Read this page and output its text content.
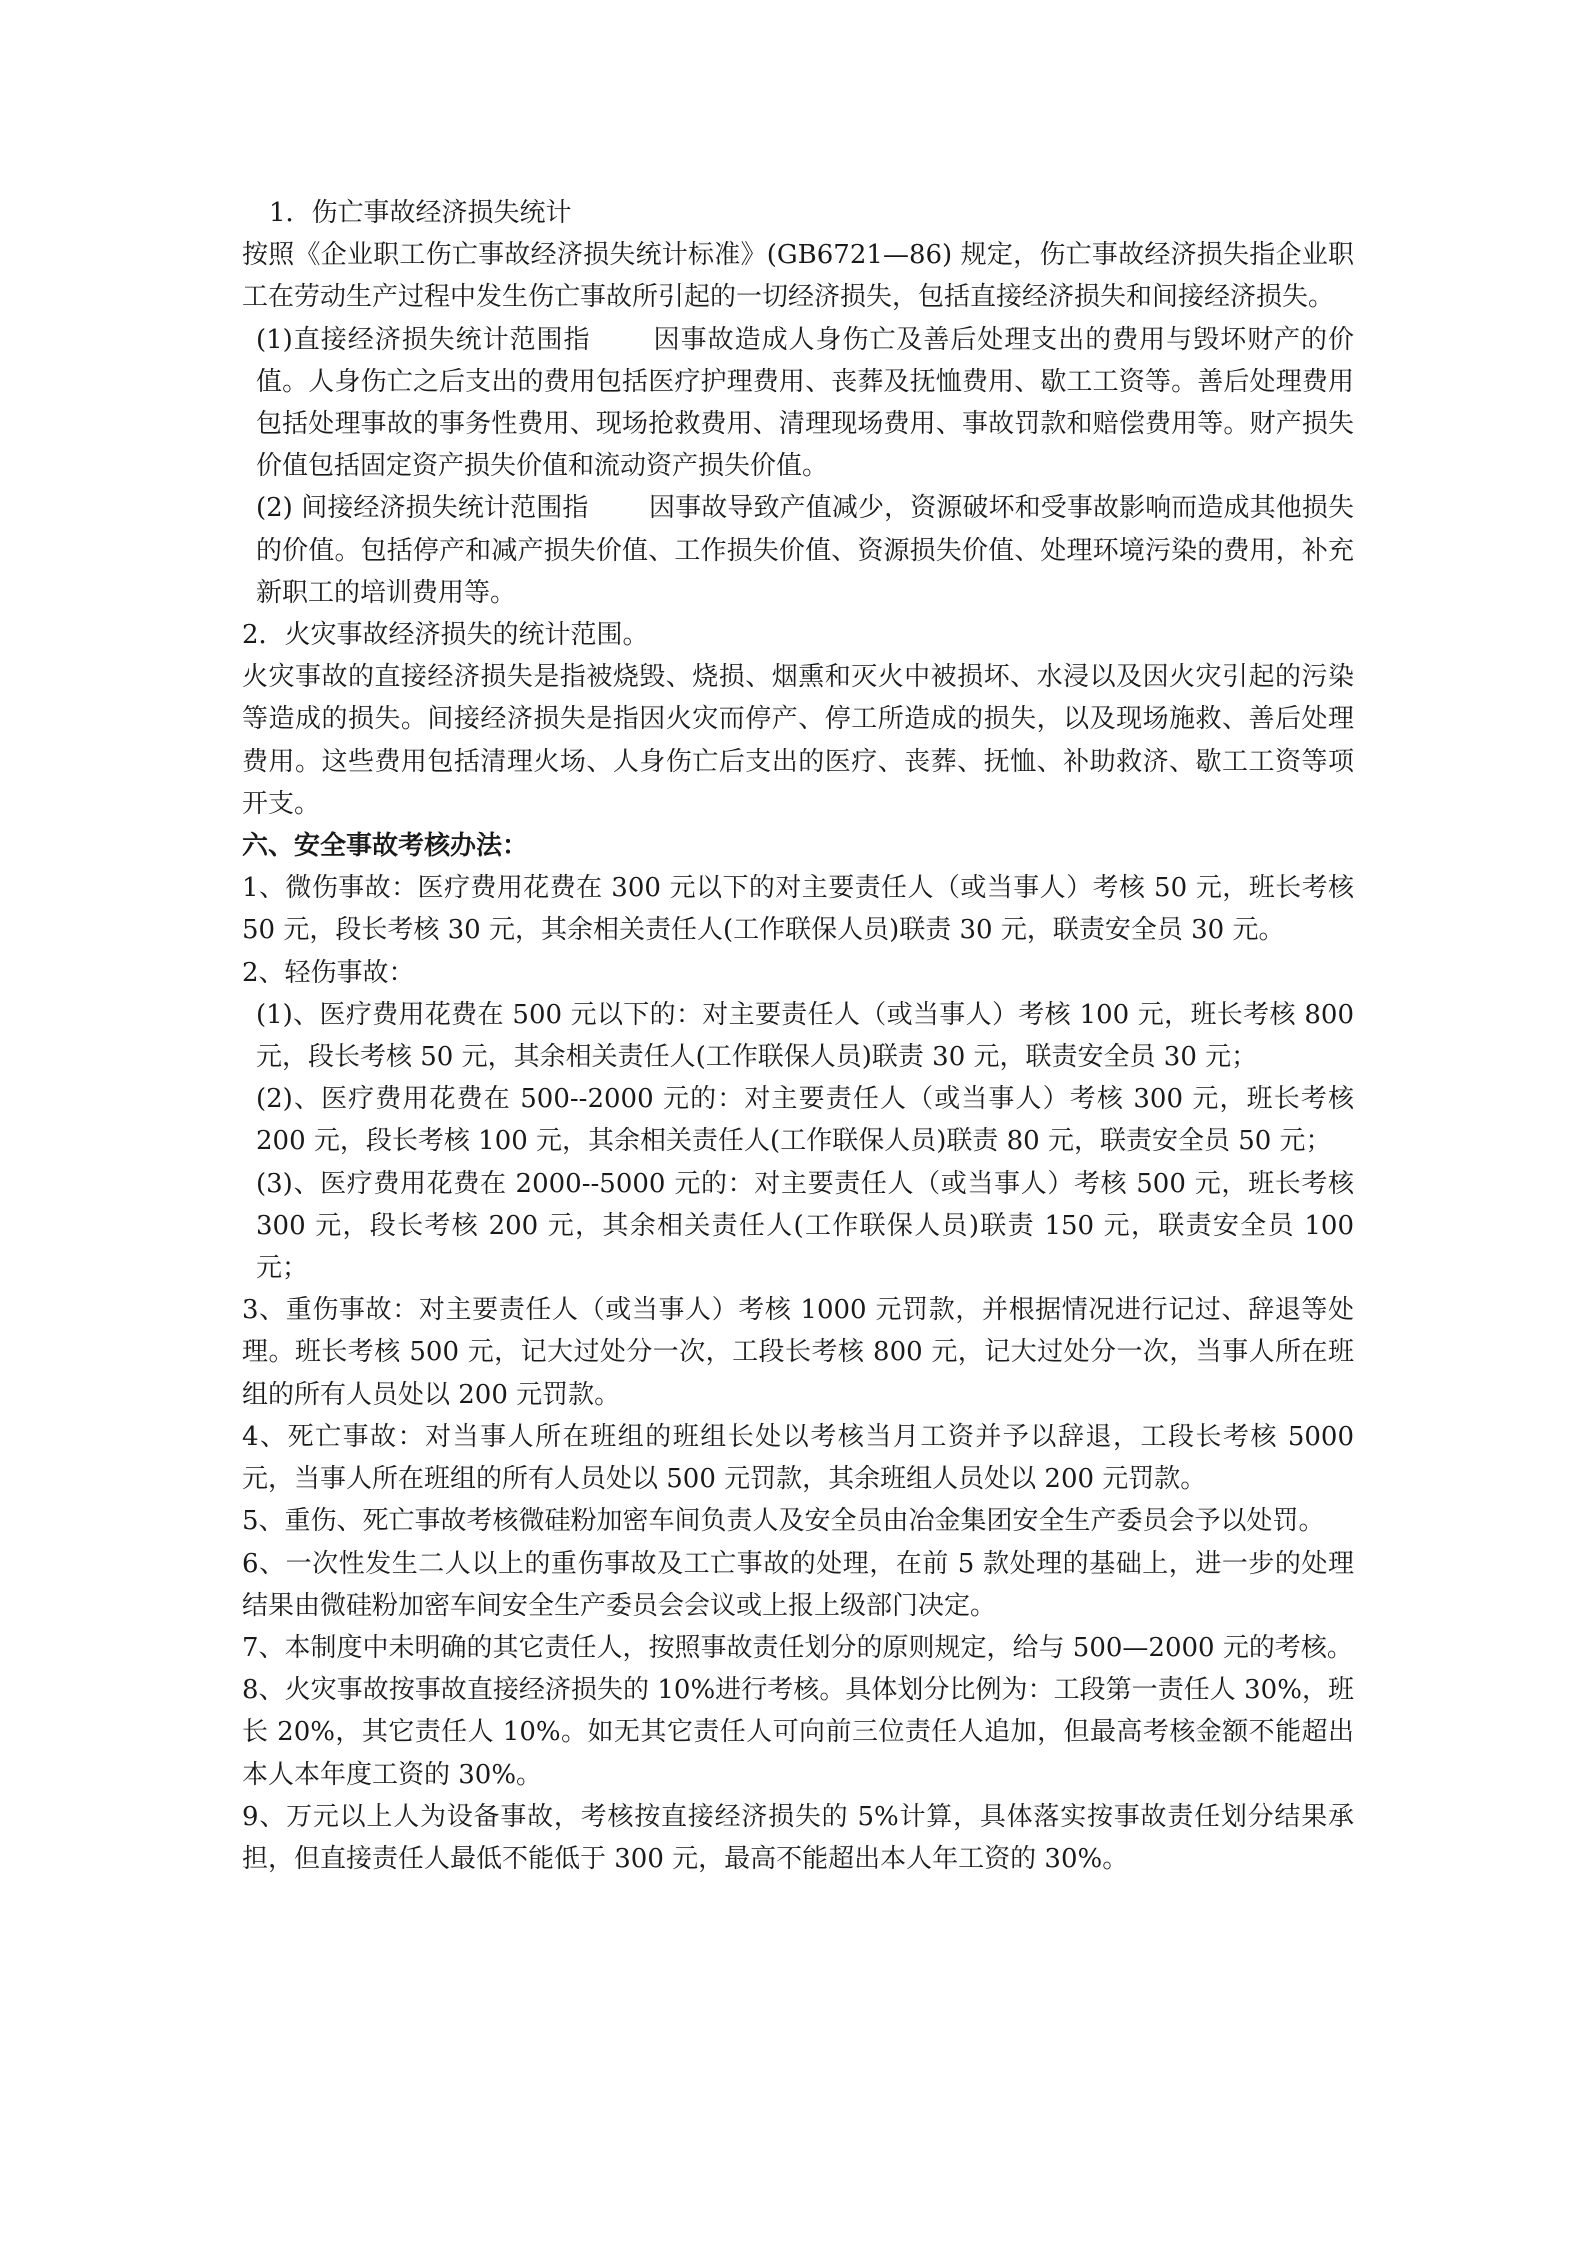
1．伤亡事故经济损失统计

按照《企业职工伤亡事故经济损失统计标准》(GB6721—86) 规定，伤亡事故经济损失指企业职工在劳动生产过程中发生伤亡事故所引起的一切经济损失，包括直接经济损失和间接经济损失。

(1)直接经济损失统计范围指　　 因事故造成人身伤亡及善后处理支出的费用与毁坏财产的价值。人身伤亡之后支出的费用包括医疗护理费用、丧葬及抚恤费用、歇工工资等。善后处理费用包括处理事故的事务性费用、现场抢救费用、清理现场费用、事故罚款和赔偿费用等。财产损失价值包括固定资产损失价值和流动资产损失价值。

(2) 间接经济损失统计范围指　　 因事故导致产值减少，资源破坏和受事故影响而造成其他损失的价值。包括停产和减产损失价值、工作损失价值、资源损失价值、处理环境污染的费用，补充新职工的培训费用等。

2．火灾事故经济损失的统计范围。

火灾事故的直接经济损失是指被烧毁、烧损、烟熏和灭火中被损坏、水浸以及因火灾引起的污染等造成的损失。间接经济损失是指因火灾而停产、停工所造成的损失，以及现场施救、善后处理费用。这些费用包括清理火场、人身伤亡后支出的医疗、丧葬、抚恤、补助救济、歇工工资等项开支。

六、安全事故考核办法：

1、微伤事故：医疗费用花费在 300 元以下的对主要责任人（或当事人）考核 50 元，班长考核 50 元，段长考核 30 元，其余相关责任人(工作联保人员)联责 30 元，联责安全员 30 元。

2、轻伤事故：

(1)、医疗费用花费在 500 元以下的：对主要责任人（或当事人）考核 100 元，班长考核 800 元，段长考核 50 元，其余相关责任人(工作联保人员)联责 30 元，联责安全员 30 元；

(2)、医疗费用花费在 500--2000 元的：对主要责任人（或当事人）考核 300 元，班长考核 200 元，段长考核 100 元，其余相关责任人(工作联保人员)联责 80 元，联责安全员 50 元；

(3)、医疗费用花费在 2000--5000 元的：对主要责任人（或当事人）考核 500 元，班长考核 300 元，段长考核 200 元，其余相关责任人(工作联保人员)联责 150 元，联责安全员 100 元；

3、重伤事故：对主要责任人（或当事人）考核 1000 元罚款，并根据情况进行记过、辞退等处理。班长考核 500 元，记大过处分一次，工段长考核 800 元，记大过处分一次，当事人所在班组的所有人员处以 200 元罚款。

4、死亡事故：对当事人所在班组的班组长处以考核当月工资并予以辞退，工段长考核 5000 元，当事人所在班组的所有人员处以 500 元罚款，其余班组人员处以 200 元罚款。

5、重伤、死亡事故考核微硅粉加密车间负责人及安全员由冶金集团安全生产委员会予以处罚。

6、一次性发生二人以上的重伤事故及工亡事故的处理，在前 5 款处理的基础上，进一步的处理结果由微硅粉加密车间安全生产委员会会议或上报上级部门决定。

7、本制度中未明确的其它责任人，按照事故责任划分的原则规定，给与 500—2000 元的考核。

8、火灾事故按事故直接经济损失的 10%进行考核。具体划分比例为：工段第一责任人 30%，班长 20%，其它责任人 10%。如无其它责任人可向前三位责任人追加，但最高考核金额不能超出本人本年度工资的 30%。

9、万元以上人为设备事故，考核按直接经济损失的 5%计算，具体落实按事故责任划分结果承担，但直接责任人最低不能低于 300 元，最高不能超出本人年工资的 30%。
